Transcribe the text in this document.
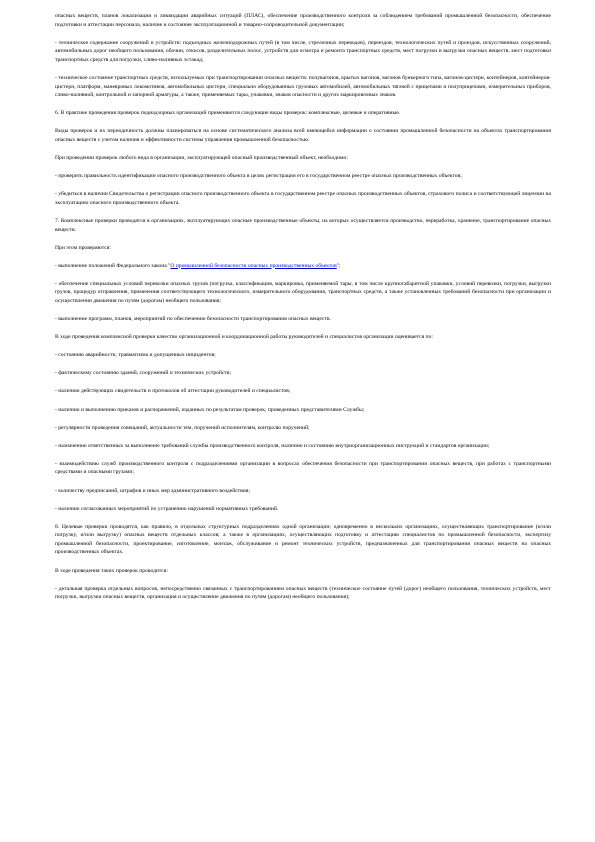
опасных веществ, планов локализации и ликвидации аварийных ситуаций (ПЛАС), обеспечение производственного контроля за соблюдением требований промышленной безопасности, обеспечение подготовки и аттестации персонала, наличие и состояние эксплуатационной и товарно-сопроводительной документации;

- техническое содержание сооружений и устройств: подъездных железнодорожных путей (в том числе, стрелочных переводов), переездов, технологических путей и проездов, искусственных сооружений, автомобильных дорог необщего пользования, обочин, откосов, разделительных полос, устройств для осмотра и ремонта транспортных средств, мест погрузки и выгрузки опасных веществ, мест подготовки транспортных средств для погрузки, сливо-наливных эстакад;

- техническое состояние транспортных средств, используемых при транспортировании опасных веществ: полувагонов, крытых вагонов, вагонов бункерного типа, вагонов-цистерн, контейнеров, контейнеров-цистерн, платформ, маневровых локомотивов, автомобильных цистерн, специально оборудованных грузовых автомобилей, автомобильных тягачей с прицепами и полуприцепами, измерительных приборов, сливо-наливной, контрольной и запорной арматуры, а также, применяемых тары, упаковки, знаков опасности и других маркировочных знаков.

6. В практике проведения проверок поднадзорных организаций применяются следующие виды проверок: комплексные, целевые и оперативные.

Виды проверок и их периодичность должны планироваться на основе систематического анализа всей имеющейся информации о состоянии промышленной безопасности на объектах транспортирования опасных веществ с учетом наличия и эффективности системы управления промышленной безопасностью.

При проведении проверок любого вида в организации, эксплуатирующей опасный производственный объект, необходимо:

- проверить правильность идентификации опасного производственного объекта в целях регистрации его в государственном реестре опасных производственных объектов;

- убедиться в наличии Свидетельства о регистрации опасного производственного объекта в государственном реестре опасных производственных объектов, страхового полиса и соответствующей лицензии на эксплуатацию опасного производственного объекта.

7. Комплексные проверки проводятся в организациях, эксплуатирующих опасные производственные объекты, на которых осуществляется производство, переработка, хранение, транспортирование опасных веществ.

При этом проверяются:

- выполнение положений Федерального закона "О промышленной безопасности опасных производственных объектов";

- обеспечение специальных условий перевозки опасных грузов (погрузка, классификация, маркировка, применяемой тары, в том числе крупногабаритной упаковки, условий перевозки, погрузки, выгрузки грузов, процедур отправления, применения соответствующего технологического, измерительного оборудования, транспортных средств, а также установленных требований безопасности при организации и осуществлении движения по путям (дорогам) необщего пользования;

- выполнение программ, планов, мероприятий по обеспечению безопасности транспортирования опасных веществ.

В ходе проведения комплексной проверки качество организационной и координационной работы руководителей и специалистов организации оценивается по:

- состоянию аварийности, травматизма и допущенных инцидентов;

- фактическому состоянию зданий, сооружений и технических устройств;

- наличию действующих свидетельств и протоколов об аттестации руководителей и специалистов;

- наличию и выполнению приказов и распоряжений, изданных по результатам проверок, проведенных представителями Службы;

- регулярности проведения совещаний, актуальности тем, поручений исполнителям, контролю поручений;

- назначению ответственных за выполнение требований службы производственного контроля, наличию и состоянию внутриорганизационных инструкций и стандартов организации;

- взаимодействию служб производственного контроля с подразделениями организации в вопросах обеспечения безопасности при транспортировании опасных веществ, при работах с транспортными средствами и опасными грузами;

- количеству предписаний, штрафов и иных мер административного воздействия;

- наличию согласованных мероприятий по устранению нарушений нормативных требований.

8. Целевые проверки проводятся, как правило, в отдельных структурных подразделениях одной организации; одновременно в нескольких организациях, осуществляющих транспортирование (и/или погрузку, и/или выгрузку) опасных веществ отдельных классов; а также в организациях, осуществляющих подготовку и аттестацию специалистов по промышленной безопасности, экспертизу промышленной безопасности, проектирование, изготовление, монтаж, обслуживание и ремонт технических устройств, предназначенных для транспортирования опасных веществ на опасных производственных объектах.

В ходе проведения таких проверок проводится:

- детальная проверка отдельных вопросов, непосредственно связанных с транспортированием опасных веществ (техническое состояние путей (дорог) необщего пользования, технических устройств, мест погрузки, выгрузки опасных веществ, организация и осуществление движения по путям (дорогам) необщего пользования);
